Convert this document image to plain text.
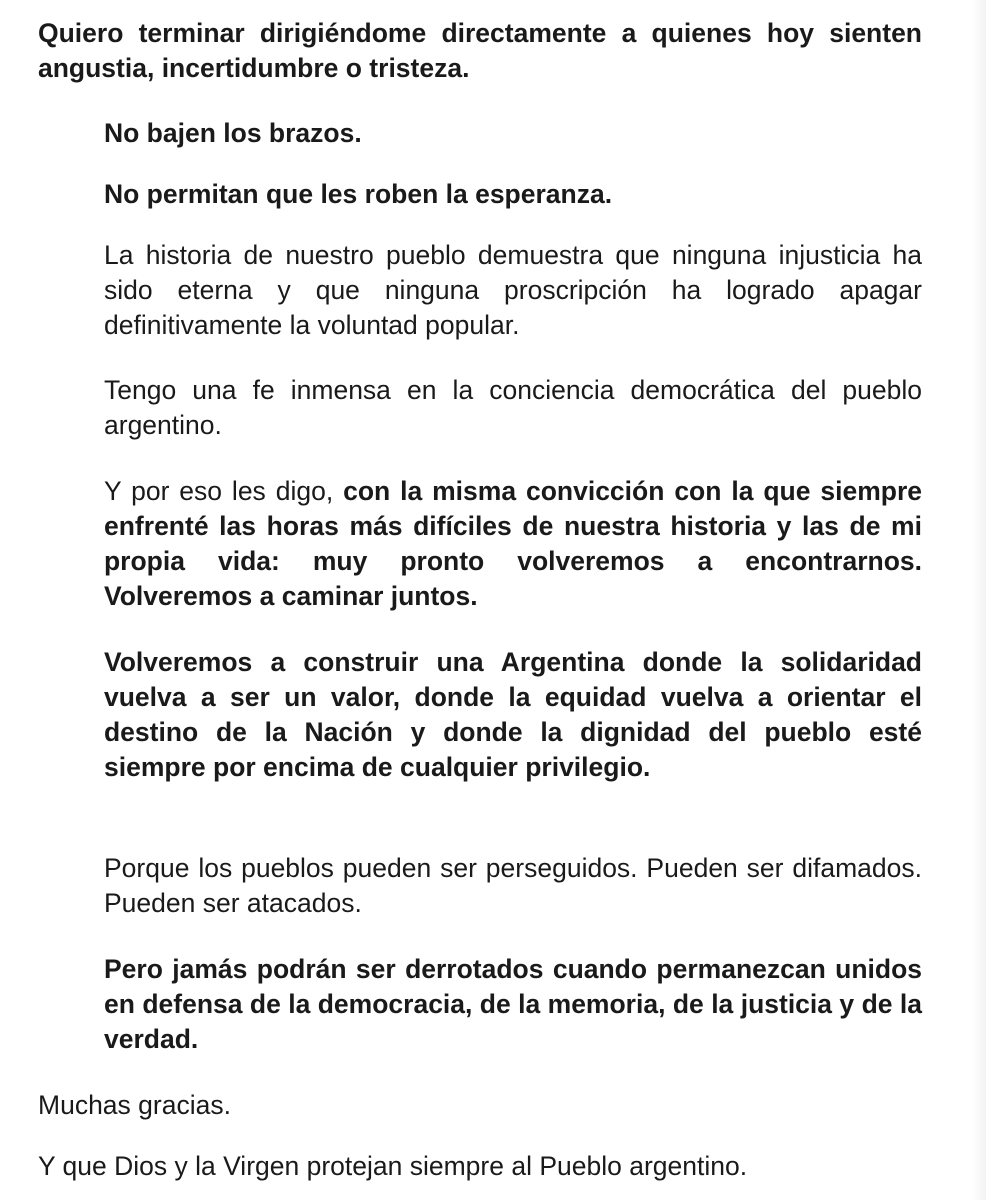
Quiero terminar dirigiéndome directamente a quienes hoy sienten angustia, incertidumbre o tristeza.

No bajen los brazos.

No permitan que les roben la esperanza.

La historia de nuestro pueblo demuestra que ninguna injusticia ha sido eterna y que ninguna proscripción ha logrado apagar definitivamente la voluntad popular.

Tengo una fe inmensa en la conciencia democrática del pueblo argentino.

Y por eso les digo, con la misma convicción con la que siempre enfrenté las horas más difíciles de nuestra historia y las de mi propia vida: muy pronto volveremos a encontrarnos. Volveremos a caminar juntos.

Volveremos a construir una Argentina donde la solidaridad vuelva a ser un valor, donde la equidad vuelva a orientar el destino de la Nación y donde la dignidad del pueblo esté siempre por encima de cualquier privilegio.

Porque los pueblos pueden ser perseguidos. Pueden ser difamados. Pueden ser atacados.

Pero jamás podrán ser derrotados cuando permanezcan unidos en defensa de la democracia, de la memoria, de la justicia y de la verdad.

Muchas gracias.

Y que Dios y la Virgen protejan siempre al Pueblo argentino.
